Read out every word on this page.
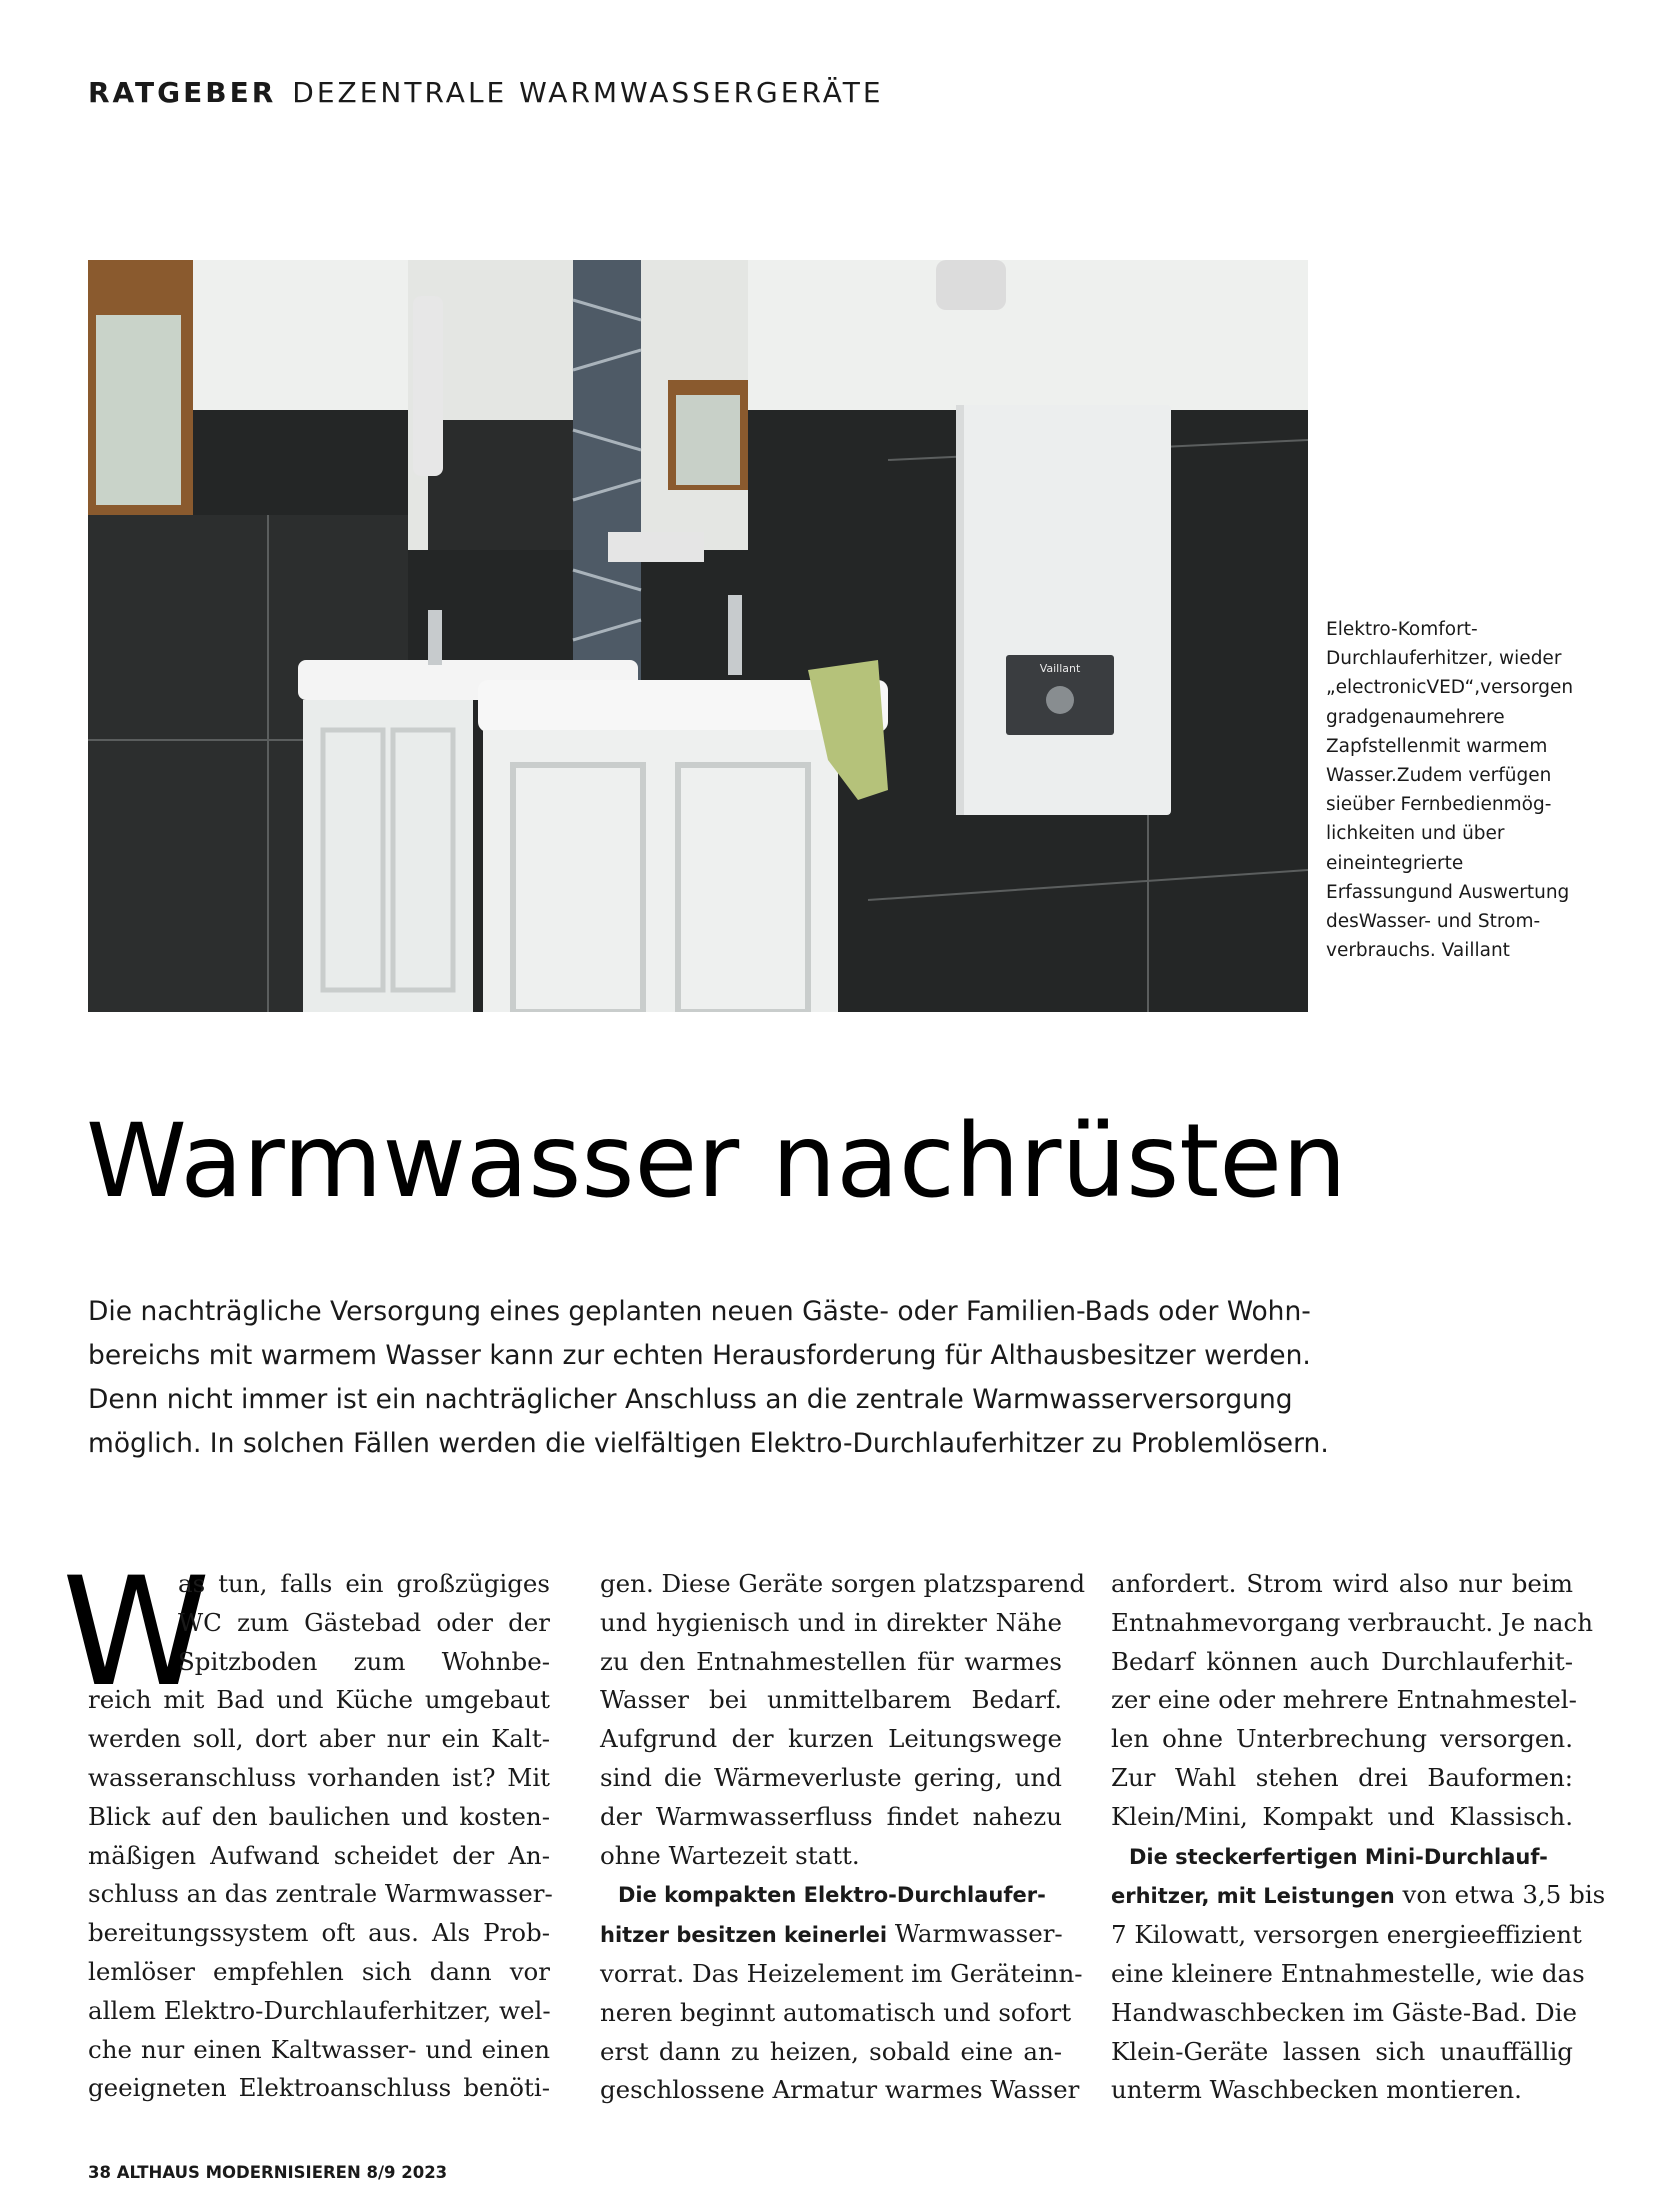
RATGEBER DEZENTRALE WARMWASSERGERÄTE
Vaillant
Elektro-Komfort-Durchlauferhitzer, wieder „electronicVED“,versorgen gradgenaumehrere Zapfstellenmit warmem Wasser.Zudem verfügen sieüber Fernbedienmög-lichkeiten und über eineintegrierte Erfassungund Auswertung desWasser- und Strom-verbrauchs. Vaillant
Warmwasser nachrüsten
Die nachträgliche Versorgung eines geplanten neuen Gäste- oder Familien-Bads oder Wohn-
bereichs mit warmem Wasser kann zur echten Herausforderung für Althausbesitzer werden.
Denn nicht immer ist ein nachträglicher Anschluss an die zentrale Warmwasserversorgung
möglich. In solchen Fällen werden die vielfältigen Elektro-Durchlauferhitzer zu Problemlösern.
W
as tun, falls ein großzügiges
WC zum Gästebad oder der
Spitzboden zum Wohnbe-
reich mit Bad und Küche umgebaut
werden soll, dort aber nur ein Kalt-
wasseranschluss vorhanden ist? Mit
Blick auf den baulichen und kosten-
mäßigen Aufwand scheidet der An-
schluss an das zentrale Warmwasser-
bereitungssystem oft aus. Als Prob-
lemlöser empfehlen sich dann vor
allem Elektro-Durchlauferhitzer, wel-
che nur einen Kaltwasser- und einen
geeigneten Elektroanschluss benöti-
gen. Diese Geräte sorgen platzsparend
und hygienisch und in direkter Nähe
zu den Entnahmestellen für warmes
Wasser bei unmittelbarem Bedarf.
Aufgrund der kurzen Leitungswege
sind die Wärmeverluste gering, und
der Warmwasserfluss findet nahezu
ohne Wartezeit statt.
Die kompakten Elektro-Durchlaufer-
hitzer besitzen keinerlei Warmwasser-
vorrat. Das Heizelement im Geräteinn-
neren beginnt automatisch und sofort
erst dann zu heizen, sobald eine an-
geschlossene Armatur warmes Wasser
anfordert. Strom wird also nur beim
Entnahmevorgang verbraucht. Je nach
Bedarf können auch Durchlauferhit-
zer eine oder mehrere Entnahmestel-
len ohne Unterbrechung versorgen.
Zur Wahl stehen drei Bauformen:
Klein/Mini, Kompakt und Klassisch.
Die steckerfertigen Mini-Durchlauf-
erhitzer, mit Leistungen von etwa 3,5 bis
7 Kilowatt, versorgen energieeffizient
eine kleinere Entnahmestelle, wie das
Handwaschbecken im Gäste-Bad. Die
Klein-Geräte lassen sich unauffällig
unterm Waschbecken montieren.
38 ALTHAUS MODERNISIEREN 8/9 2023
